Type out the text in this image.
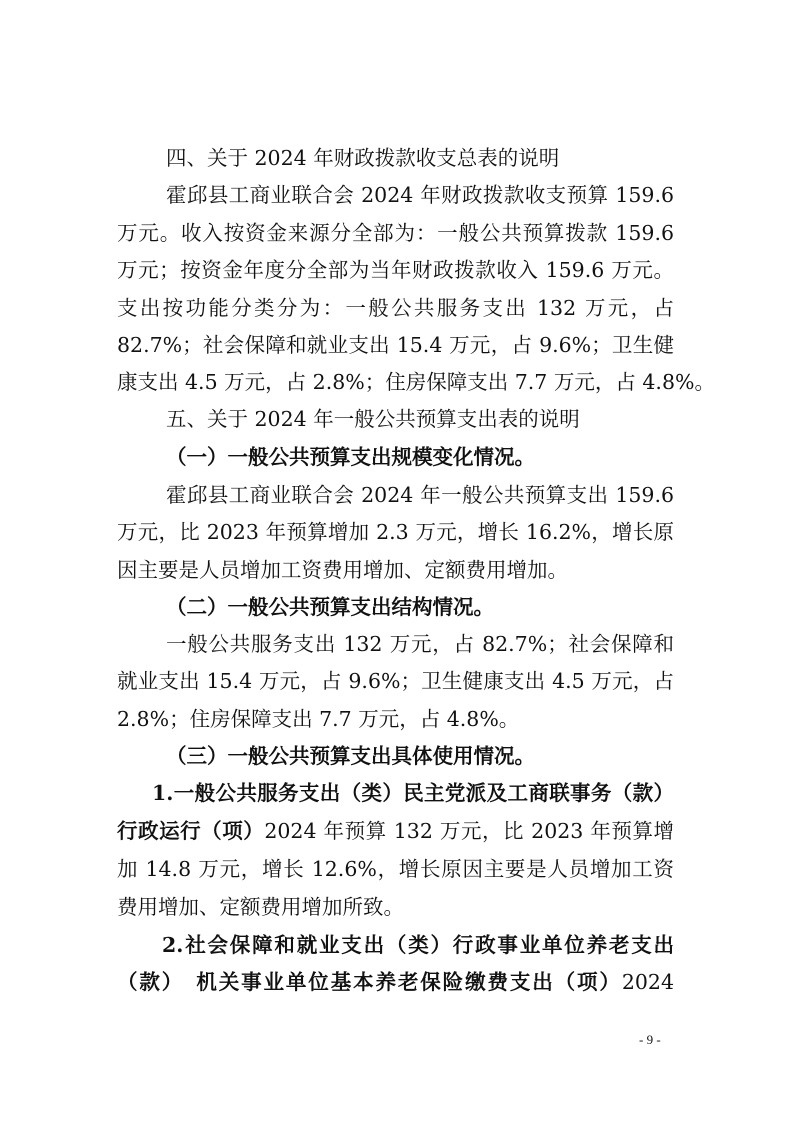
四、关于 2024 年财政拨款收支总表的说明
霍邱县工商业联合会 2024 年财政拨款收支预算 159.6
万元。收入按资金来源分全部为：一般公共预算拨款 159.6
万元；按资金年度分全部为当年财政拨款收入 159.6 万元。
支出按功能分类分为：一般公共服务支出 132 万元，占
82.7%；社会保障和就业支出 15.4 万元，占 9.6%；卫生健
康支出 4.5 万元，占 2.8%；住房保障支出 7.7 万元，占 4.8%。
五、关于 2024 年一般公共预算支出表的说明
（一）一般公共预算支出规模变化情况。
霍邱县工商业联合会 2024 年一般公共预算支出 159.6
万元，比 2023 年预算增加 2.3 万元，增长 16.2%，增长原
因主要是人员增加工资费用增加、定额费用增加。
（二）一般公共预算支出结构情况。
一般公共服务支出 132 万元，占 82.7%；社会保障和
就业支出 15.4 万元，占 9.6%；卫生健康支出 4.5 万元，占
2.8%；住房保障支出 7.7 万元，占 4.8%。
（三）一般公共预算支出具体使用情况。
1.一般公共服务支出（类）民主党派及工商联事务（款）
行政运行（项）2024 年预算 132 万元，比 2023 年预算增
加 14.8 万元，增长 12.6%，增长原因主要是人员增加工资
费用增加、定额费用增加所致。
2.社会保障和就业支出（类）行政事业单位养老支出
（款）　机关事业单位基本养老保险缴费支出（项）2024
- 9 -
